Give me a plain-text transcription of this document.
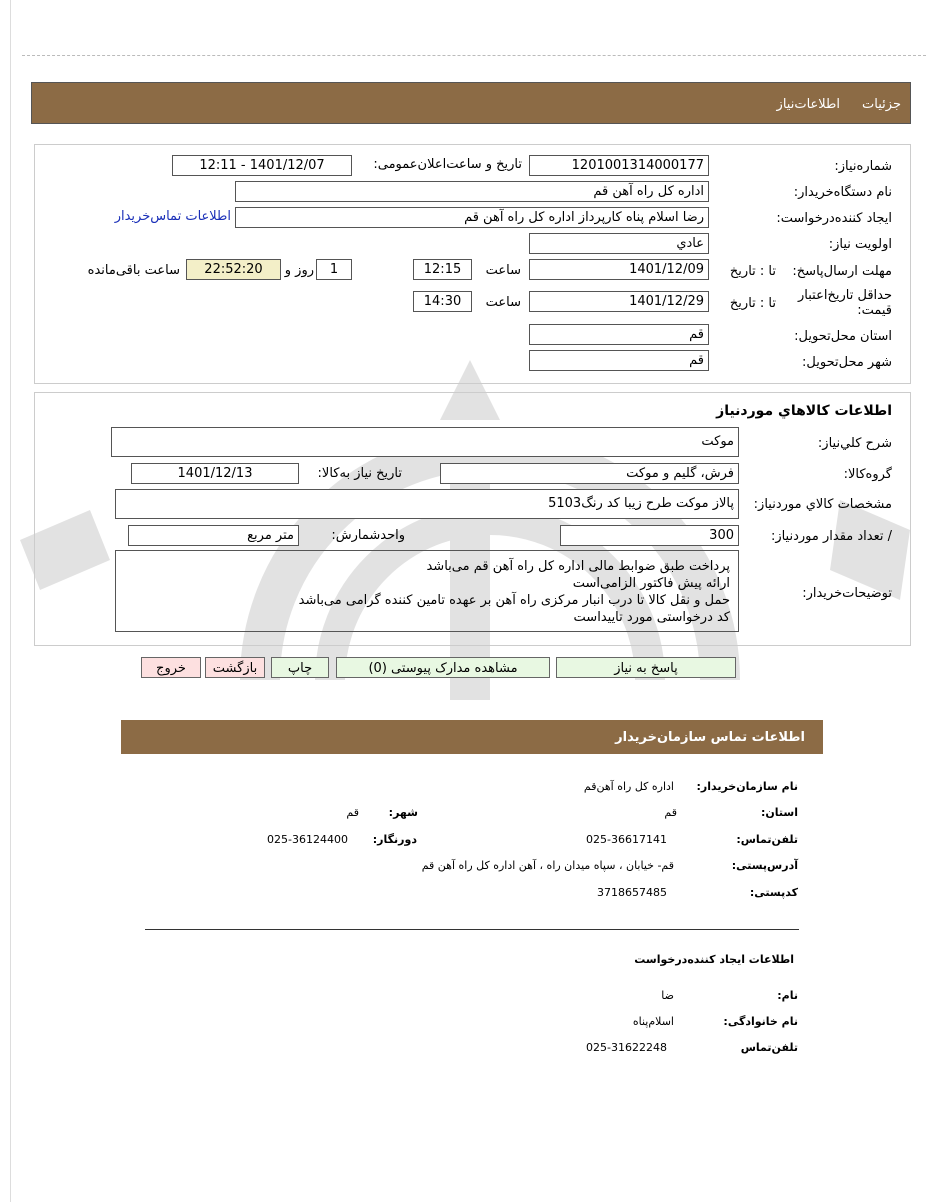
جزئیات
اطلاعات‌نیاز
شماره‌نیاز:
1201001314000177
تاریخ و ساعت‌اعلان‌عمومی:
1401/12/07 - 12:11
نام دستگاه‌خریدار:
اداره کل راه آهن قم
ایجاد کننده‌درخواست:
رضا اسلام پناه کارپرداز اداره کل راه آهن قم
اطلاعات تماس‌خریدار
اولویت‌ نیاز:
عادي
مهلت ارسال‌پاسخ:
تا : تاریخ
1401/12/09
ساعت
12:15
1
روز و
22:52:20
ساعت باقی‌مانده
حداقل تاریخ‌اعتبار قیمت:
تا : تاریخ
1401/12/29
ساعت
14:30
استان محل‌تحویل:
قم
شهر محل‌تحویل:
قم
اطلاعات کالاهاي موردنياز
شرح کلي‌نياز:
موکت
گروه‌کالا:
فرش، گلیم و موکت
تاريخ نياز به‌کالا:
1401/12/13
مشخصات کالاي مورد‌نياز:
پالاز موکت طرح زیبا کد رنگ5103
/ تعداد مقدار مورد‌نياز:
300
واحد‌شمارش:
متر مربع
توضيحات‌خريدار:
پرداخت طبق ضوابط مالی اداره کل راه آهن قم می‌باشد
ارائه پیش فاکتور الزامی‌است
حمل و نقل کالا تا درب انبار مرکزی راه آهن بر عهده تامین کننده گرامی می‌باشد
کد درخواستی مورد تاییداست
پاسخ به نیاز
مشاهده مدارک پیوستی (0)
چاپ
بازگشت
خروج
اطلاعات تماس سازمان‌خریدار
نام سازمان‌خریدار:
اداره کل راه آهن‌قم
استان:
قم
شهر:
قم
تلفن‌تماس:
025-36617141
دورنگار:
025-36124400
آدرس‌پستی:
قم- خیابان ، سپاه میدان راه ، آهن اداره کل راه آهن قم
کد‌پستی:
3718657485
اطلاعات ایجاد کننده‌درخواست
نام:
ضا
نام خانوادگی:
اسلام‌پناه
تلفن‌تماس
025-31622248
